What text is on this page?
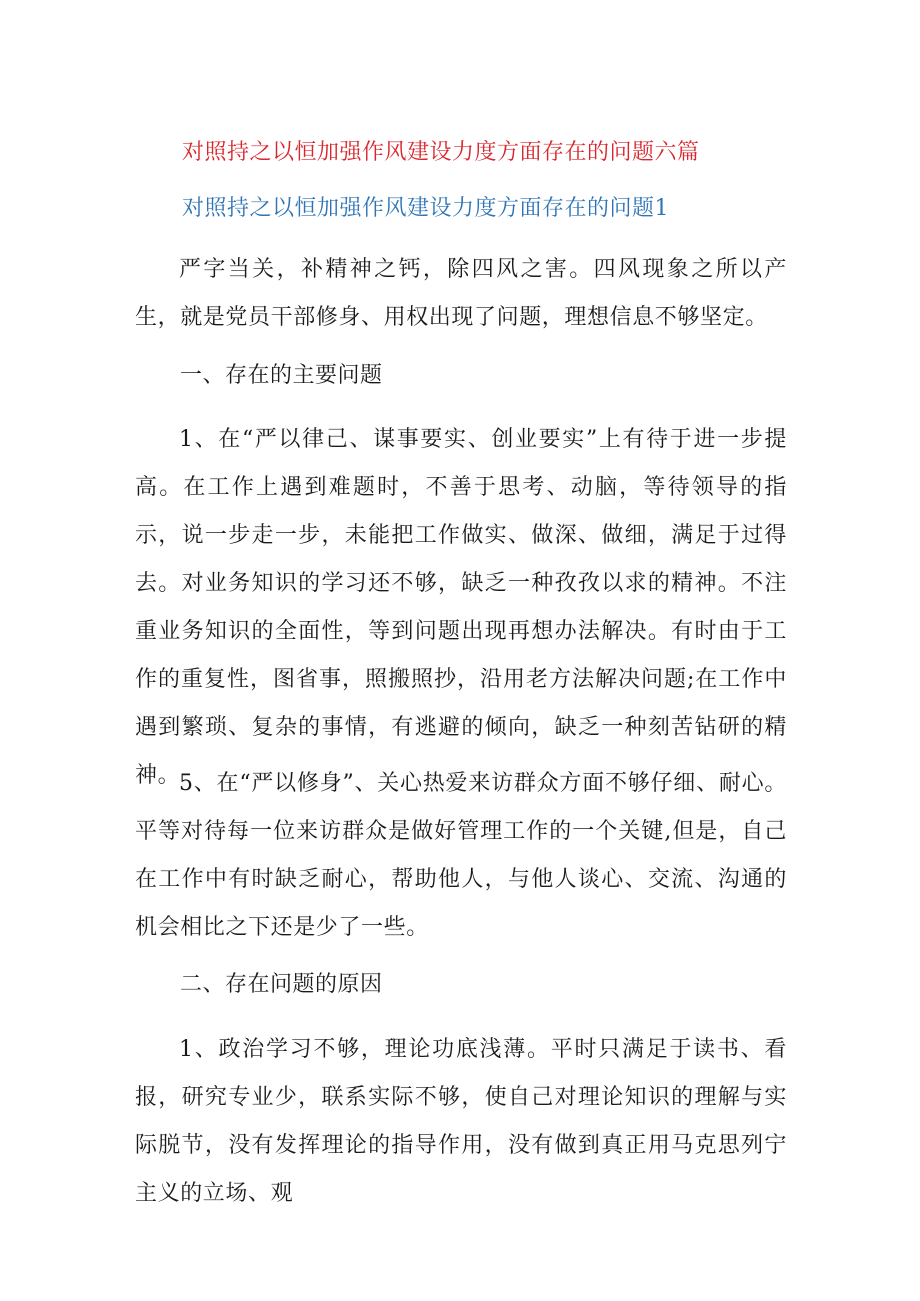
对照持之以恒加强作风建设力度方面存在的问题六篇
对照持之以恒加强作风建设力度方面存在的问题1

严字当关，补精神之钙，除四风之害。四风现象之所以产生，就是党员干部修身、用权出现了问题，理想信息不够坚定。

一、存在的主要问题

1、在“严以律己、谋事要实、创业要实”上有待于进一步提高。在工作上遇到难题时，不善于思考、动脑，等待领导的指示，说一步走一步，未能把工作做实、做深、做细，满足于过得去。对业务知识的学习还不够，缺乏一种孜孜以求的精神。不注重业务知识的全面性，等到问题出现再想办法解决。有时由于工作的重复性，图省事，照搬照抄，沿用老方法解决问题;在工作中遇到繁琐、复杂的事情，有逃避的倾向，缺乏一种刻苦钻研的精神。

5、在“严以修身”、关心热爱来访群众方面不够仔细、耐心。平等对待每一位来访群众是做好管理工作的一个关键,但是，自己在工作中有时缺乏耐心，帮助他人，与他人谈心、交流、沟通的机会相比之下还是少了一些。

二、存在问题的原因

1、政治学习不够，理论功底浅薄。平时只满足于读书、看报，研究专业少，联系实际不够，使自己对理论知识的理解与实际脱节，没有发挥理论的指导作用，没有做到真正用马克思列宁主义的立场、观
